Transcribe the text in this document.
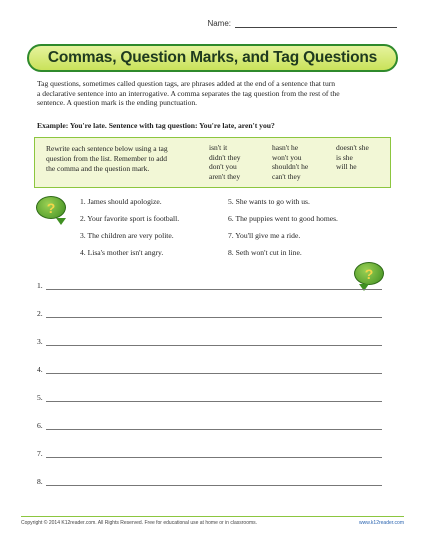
Name:
Commas, Question Marks, and Tag Questions
Tag questions, sometimes called question tags, are phrases added at the end of a sentence that turn
a declarative sentence into an interrogative. A comma separates the tag question from the rest of the
sentence. A question mark is the ending punctuation.
Example: You're late. Sentence with tag question: You're late, aren't you?
Rewrite each sentence below using a tag
question from the list. Remember to add
the comma and the question mark.
isn't it
didn't they
don't you
aren't they
hasn't he
won't you
shouldn't he
can't they
doesn't she
is she
will he
?
?
1. James should apologize.
2. Your favorite sport is football.
3. The children are very polite.
4. Lisa's mother isn't angry.
5. She wants to go with us.
6. The puppies went to good homes.
7. You'll give me a ride.
8. Seth won't cut in line.
1.
2.
3.
4.
5.
6.
7.
8.
Copyright © 2014 K12reader.com. All Rights Reserved. Free for educational use at home or in classrooms.	www.k12reader.com
